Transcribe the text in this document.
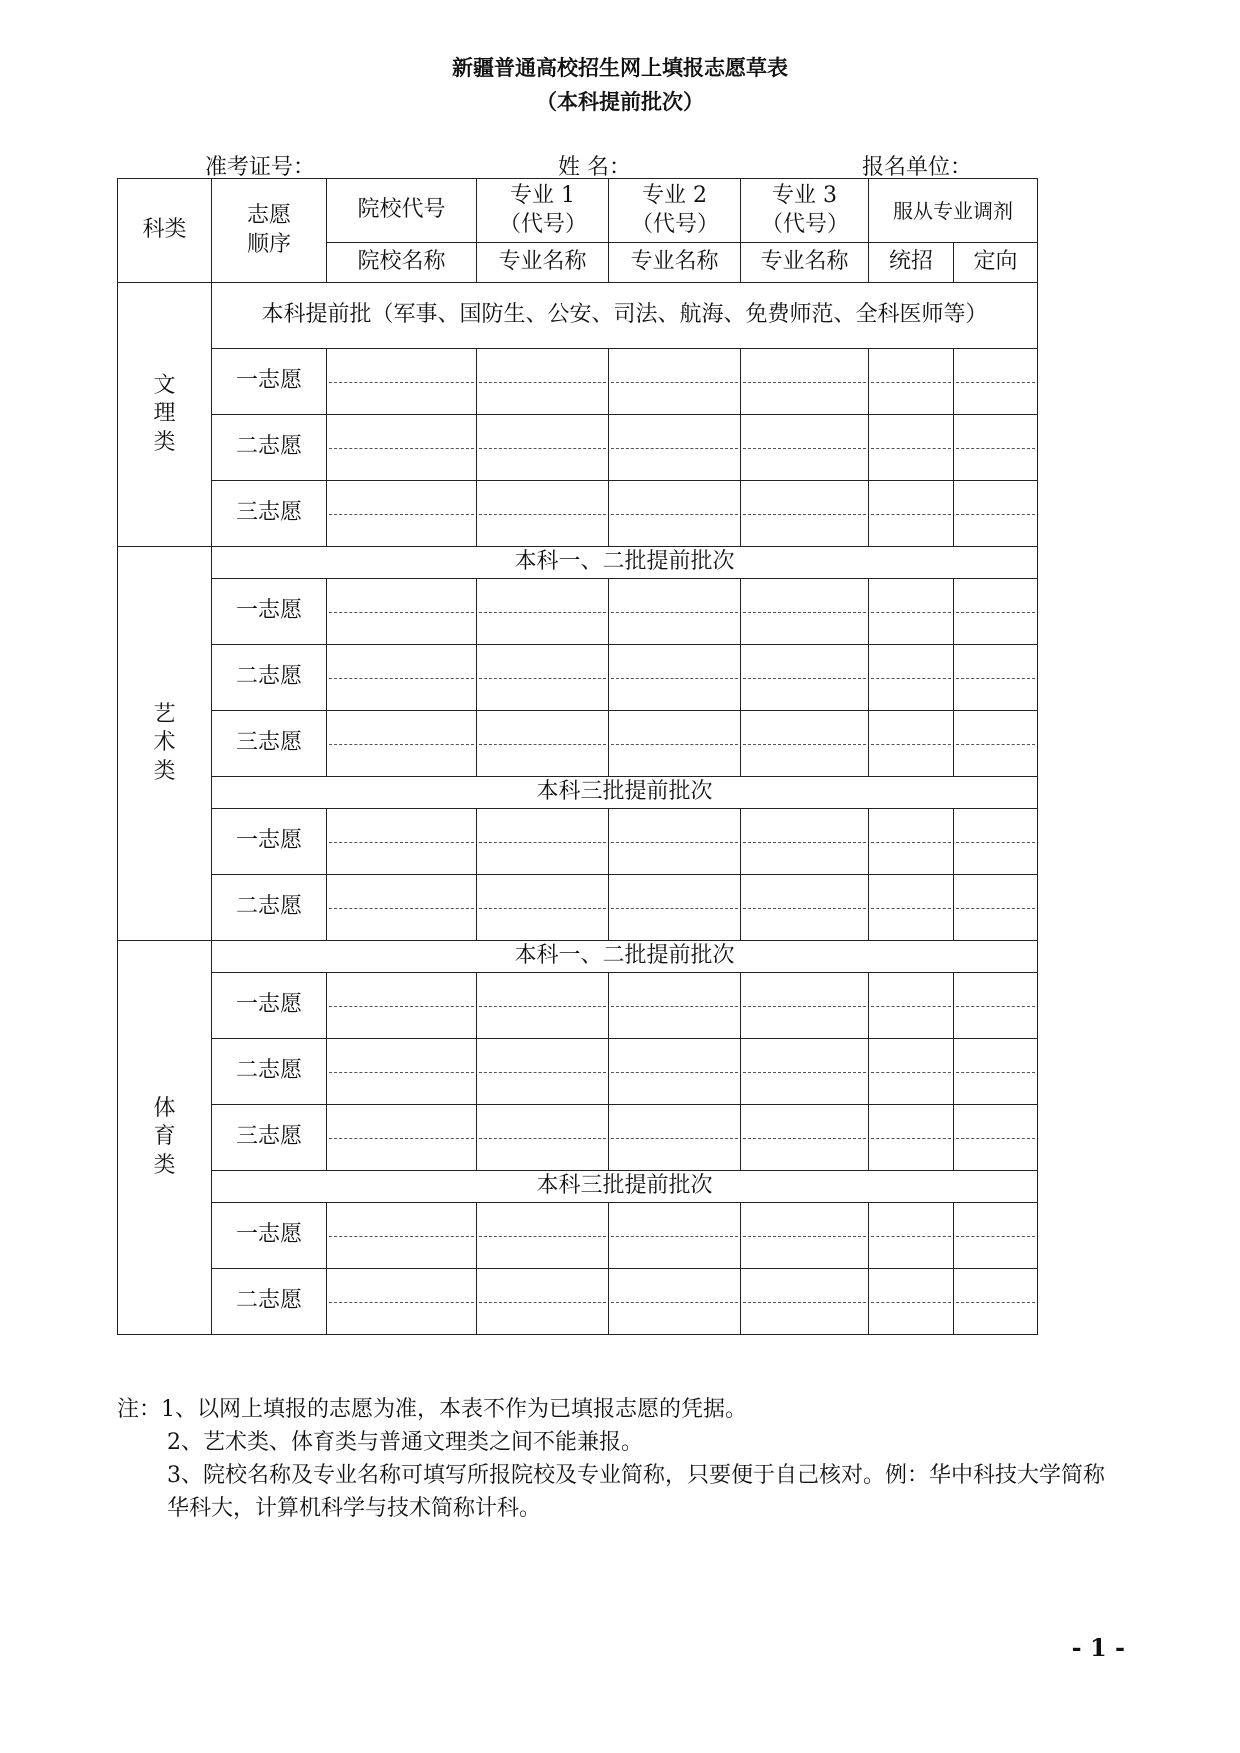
新疆普通高校招生网上填报志愿草表
（本科提前批次）
准考证号：	姓 名：	报名单位：
科类	志愿顺序	院校代号	专业 1（代号）	专业 2（代号）	专业 3（代号）	服从专业调剂	
		院校名称	专业名称	专业名称	专业名称	统招	定向
文理类	本科提前批（军事、国防生、公安、司法、航海、免费师范、全科医师等）						
	一志愿						
	二志愿						
	三志愿						
艺术类	本科一、二批提前批次						
	一志愿						
	二志愿						
	三志愿						
	本科三批提前批次						
	一志愿						
	二志愿						
体育类	本科一、二批提前批次						
	一志愿						
	二志愿						
	三志愿						
	本科三批提前批次						
	一志愿						
	二志愿						

注：1、以网上填报的志愿为准，本表不作为已填报志愿的凭据。

2、艺术类、体育类与普通文理类之间不能兼报。

3、院校名称及专业名称可填写所报院校及专业简称，只要便于自己核对。例：华中科技大学简称华科大，计算机科学与技术简称计科。

- 1 -
